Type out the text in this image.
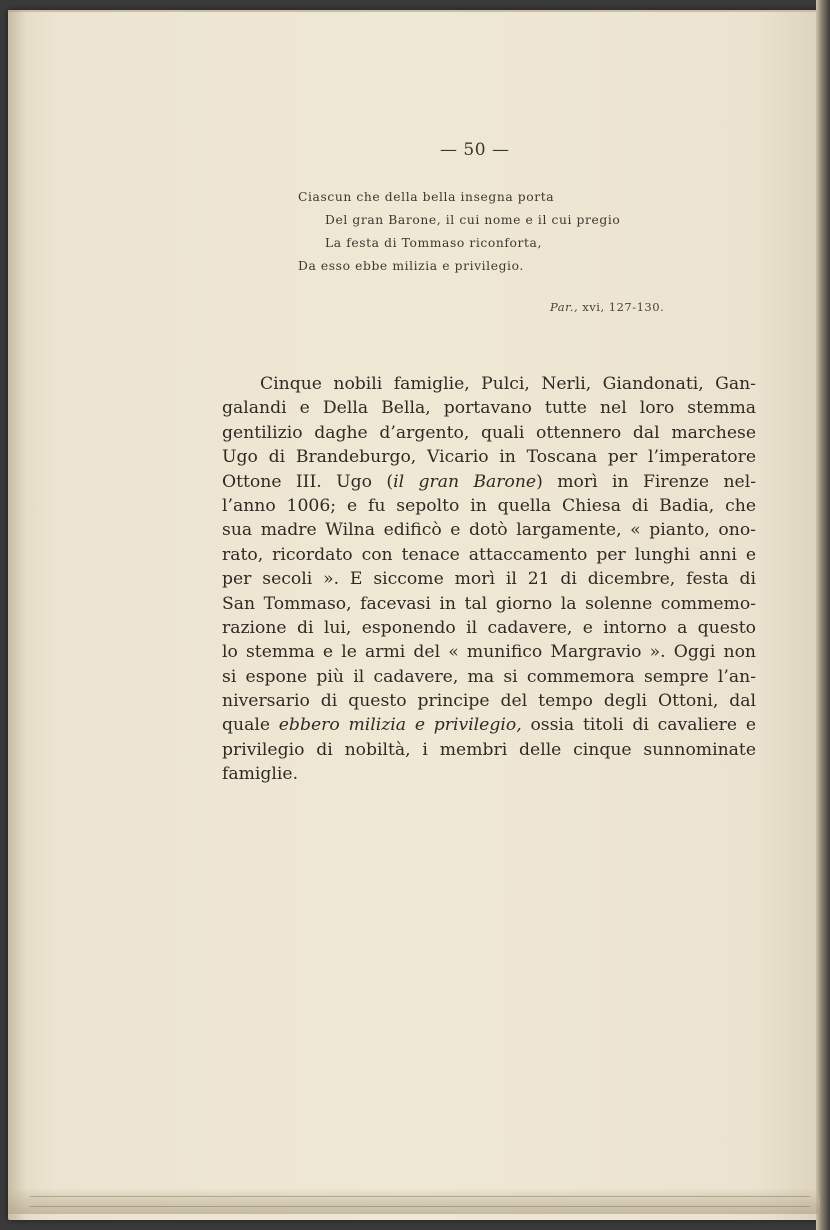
— 50 —
Ciascun che della bella insegna porta
Del gran Barone, il cui nome e il cui pregio
La festa di Tommaso riconforta,
Da esso ebbe milizia e privilegio.
Par., xvi, 127-130.
Cinque nobili famiglie, Pulci, Nerli, Giandonati, Gan-
galandi e Della Bella, portavano tutte nel loro stemma
gentilizio daghe d’argento, quali ottennero dal marchese
Ugo di Brandeburgo, Vicario in Toscana per l’imperatore
Ottone III. Ugo (il gran Barone) morì in Firenze nel-
l’anno 1006; e fu sepolto in quella Chiesa di Badia, che
sua madre Wilna edificò e dotò largamente, « pianto, ono-
rato, ricordato con tenace attaccamento per lunghi anni e
per secoli ». E siccome morì il 21 di dicembre, festa di
San Tommaso, facevasi in tal giorno la solenne commemo-
razione di lui, esponendo il cadavere, e intorno a questo
lo stemma e le armi del « munifico Margravio ». Oggi non
si espone più il cadavere, ma si commemora sempre l’an-
niversario di questo principe del tempo degli Ottoni, dal
quale ebbero milizia e privilegio, ossia titoli di cavaliere e
privilegio di nobiltà, i membri delle cinque sunnominate
famiglie.
